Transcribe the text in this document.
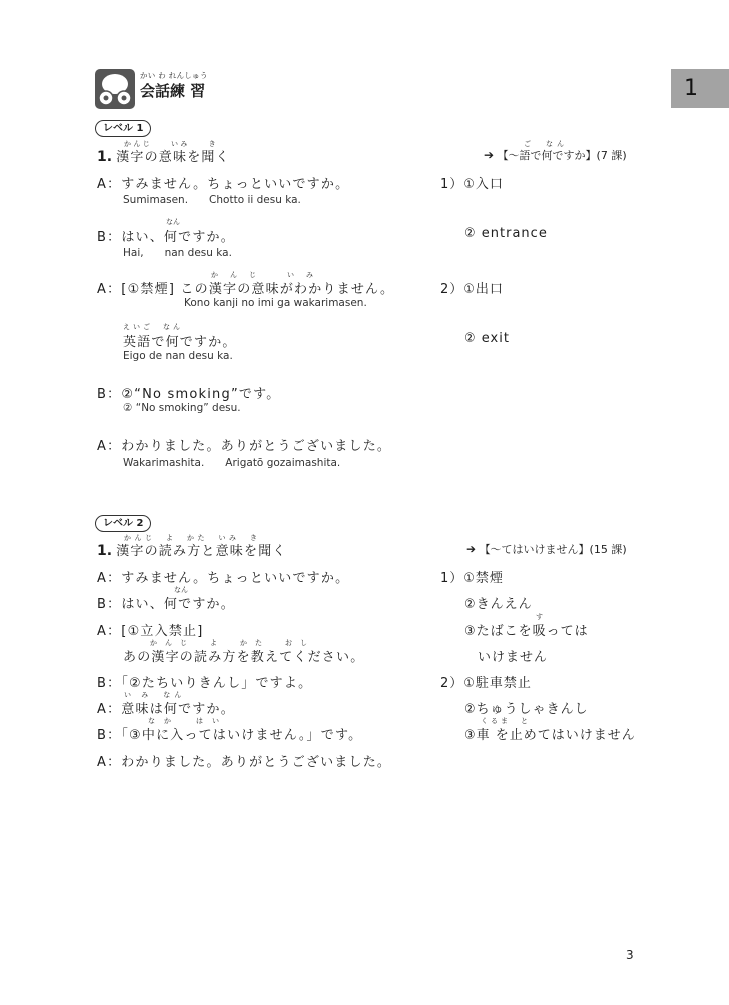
1
かい わ れんしゅう
会話練 習
レベル 1
かんじ　　いみ　　き
1. 漢字の意味を聞く
ご　なん
➔ 【〜語で何ですか】(7 課)
A：すみません。ちょっといいですか。
Sumimasen.　　Chotto ii desu ka.
なん
B：はい、何ですか。
Hai,　　nan desu ka.
かんじ　いみ
A：[①禁煙] この漢字の意味がわかりません。
Kono kanji no imi ga wakarimasen.
えいご　なん
英語で何ですか。
Eigo de nan desu ka.
B：②“No smoking”です。
② “No smoking” desu.
A：わかりました。ありがとうございました。
Wakarimashita.　　Arigatō gozaimashita.
1）①入口
② entrance
2）①出口
② exit
レベル 2
かんじ　よ　かた　いみ　き
1. 漢字の読み方と意味を聞く	➔ 【〜てはいけません】(15 課)
A：すみません。ちょっといいですか。
なん
B：はい、何ですか。
A：[①立入禁止]
かんじ　よ　かた　おし
あの漢字の読み方を教えてください。
B：「②たちいりきんし」ですよ。
い み　なん
A：意味は何ですか。
なか　はい
B：「③中に入ってはいけません。」です。
A：わかりました。ありがとうございました。
1）①禁煙
②きんえん
す
③たばこを吸っては
いけません
2）①駐車禁止
②ちゅうしゃきんし
くるま　と
③車 を止めてはいけません
3
